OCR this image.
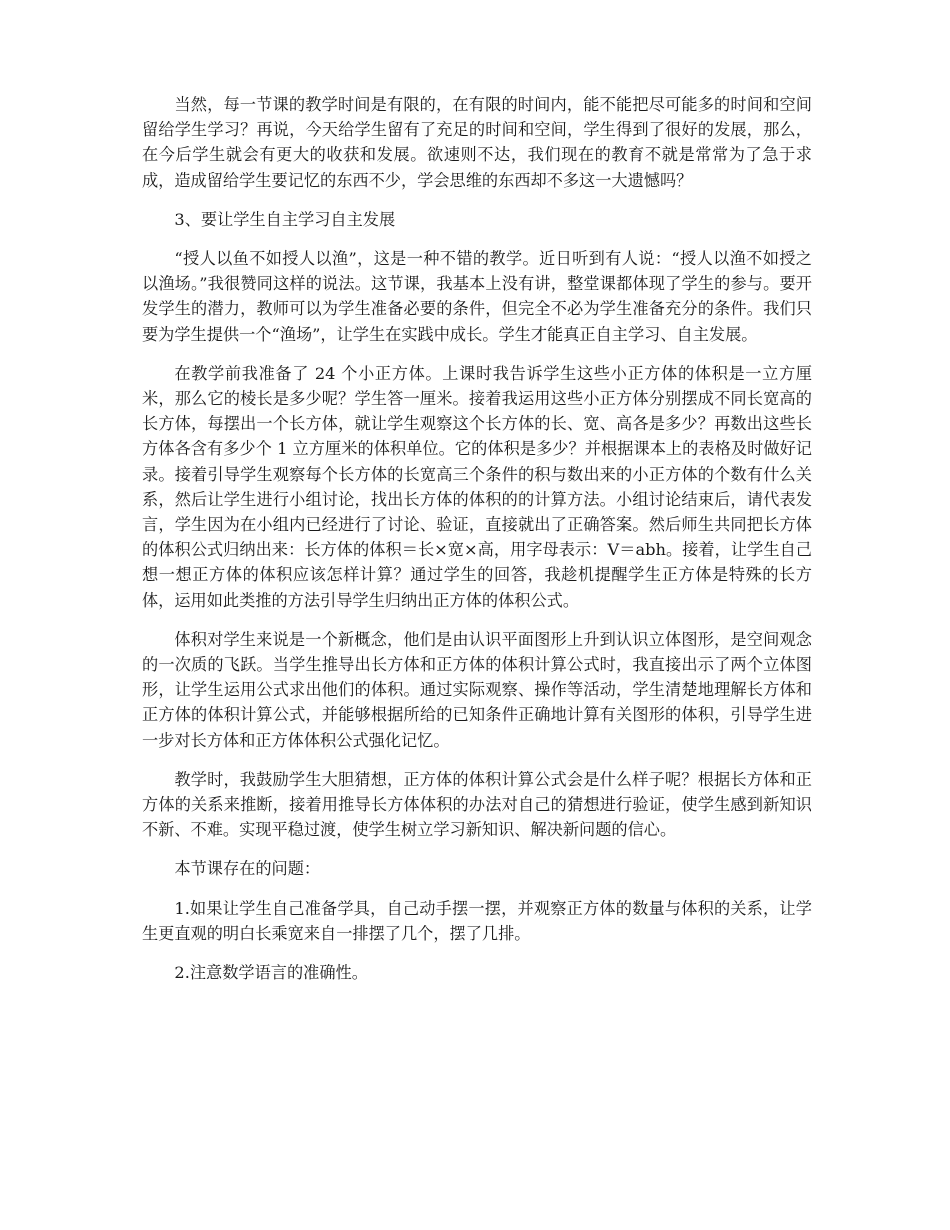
当然，每一节课的教学时间是有限的，在有限的时间内，能不能把尽可能多的时间和空间留给学生学习？再说，今天给学生留有了充足的时间和空间，学生得到了很好的发展，那么，在今后学生就会有更大的收获和发展。欲速则不达，我们现在的教育不就是常常为了急于求成，造成留给学生要记忆的东西不少，学会思维的东西却不多这一大遗憾吗？

3、要让学生自主学习自主发展

“授人以鱼不如授人以渔”，这是一种不错的教学。近日听到有人说：“授人以渔不如授之以渔场。”我很赞同这样的说法。这节课，我基本上没有讲，整堂课都体现了学生的参与。要开发学生的潜力，教师可以为学生准备必要的条件，但完全不必为学生准备充分的条件。我们只要为学生提供一个“渔场”，让学生在实践中成长。学生才能真正自主学习、自主发展。

在教学前我准备了 24 个小正方体。上课时我告诉学生这些小正方体的体积是一立方厘米，那么它的棱长是多少呢？学生答一厘米。接着我运用这些小正方体分别摆成不同长宽高的长方体，每摆出一个长方体，就让学生观察这个长方体的长、宽、高各是多少？再数出这些长方体各含有多少个 1 立方厘米的体积单位。它的体积是多少？并根据课本上的表格及时做好记录。接着引导学生观察每个长方体的长宽高三个条件的积与数出来的小正方体的个数有什么关系，然后让学生进行小组讨论，找出长方体的体积的的计算方法。小组讨论结束后，请代表发言，学生因为在小组内已经进行了讨论、验证，直接就出了正确答案。然后师生共同把长方体的体积公式归纳出来：长方体的体积＝长×宽×高，用字母表示：V＝abh。接着，让学生自己想一想正方体的体积应该怎样计算？通过学生的回答，我趁机提醒学生正方体是特殊的长方体，运用如此类推的方法引导学生归纳出正方体的体积公式。

体积对学生来说是一个新概念，他们是由认识平面图形上升到认识立体图形，是空间观念的一次质的飞跃。当学生推导出长方体和正方体的体积计算公式时，我直接出示了两个立体图形，让学生运用公式求出他们的体积。通过实际观察、操作等活动，学生清楚地理解长方体和正方体的体积计算公式，并能够根据所给的已知条件正确地计算有关图形的体积，引导学生进一步对长方体和正方体体积公式强化记忆。

教学时，我鼓励学生大胆猜想，正方体的体积计算公式会是什么样子呢？根据长方体和正方体的关系来推断，接着用推导长方体体积的办法对自己的猜想进行验证，使学生感到新知识不新、不难。实现平稳过渡，使学生树立学习新知识、解决新问题的信心。

本节课存在的问题：

1.如果让学生自己准备学具，自己动手摆一摆，并观察正方体的数量与体积的关系，让学生更直观的明白长乘宽来自一排摆了几个，摆了几排。

2.注意数学语言的准确性。
